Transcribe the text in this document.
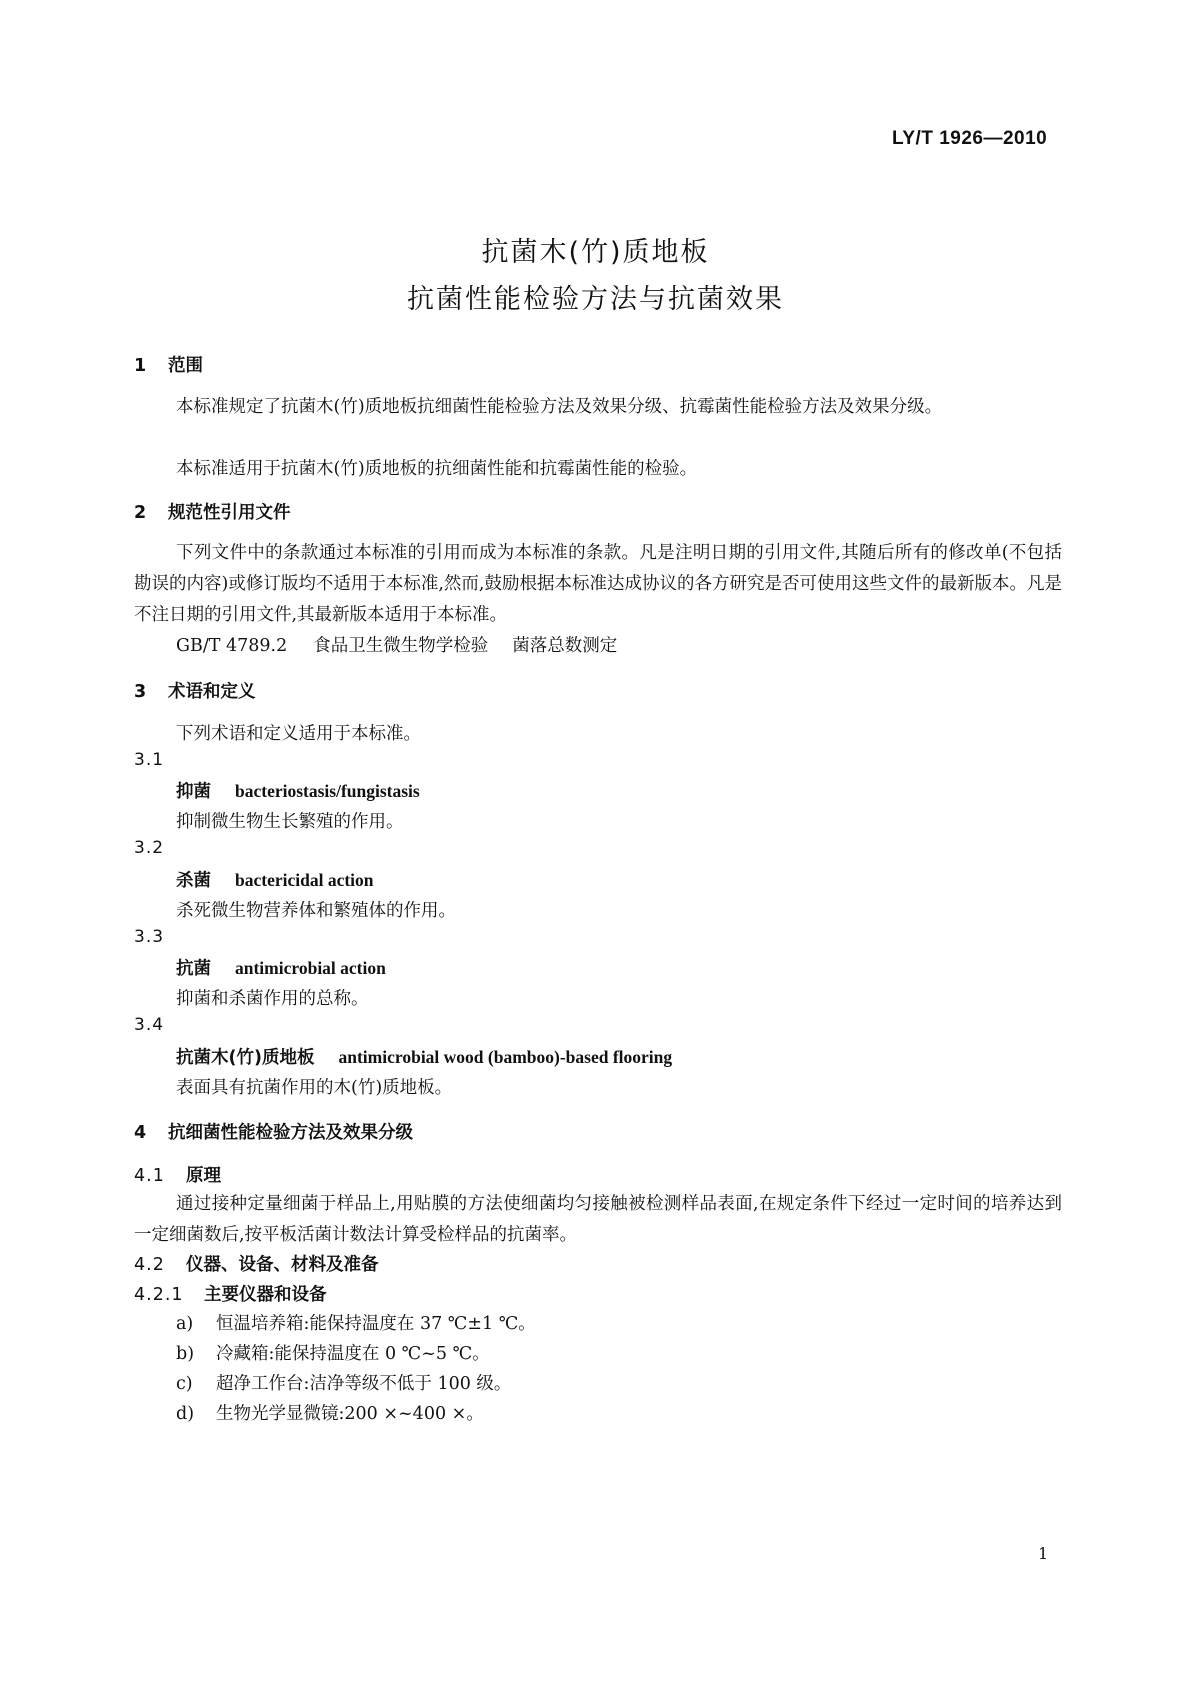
LY/T 1926—2010
抗菌木(竹)质地板
抗菌性能检验方法与抗菌效果
1 范围
本标准规定了抗菌木(竹)质地板抗细菌性能检验方法及效果分级、抗霉菌性能检验方法及效果分级。
本标准适用于抗菌木(竹)质地板的抗细菌性能和抗霉菌性能的检验。
2 规范性引用文件
下列文件中的条款通过本标准的引用而成为本标准的条款。凡是注明日期的引用文件,其随后所有的修改单(不包括勘误的内容)或修订版均不适用于本标准,然而,鼓励根据本标准达成协议的各方研究是否可使用这些文件的最新版本。凡是不注日期的引用文件,其最新版本适用于本标准。
GB/T 4789.2 食品卫生微生物学检验 菌落总数测定
3 术语和定义
下列术语和定义适用于本标准。
3.1
抑菌 bacteriostasis/fungistasis
抑制微生物生长繁殖的作用。
3.2
杀菌 bactericidal action
杀死微生物营养体和繁殖体的作用。
3.3
抗菌 antimicrobial action
抑菌和杀菌作用的总称。
3.4
抗菌木(竹)质地板 antimicrobial wood (bamboo)-based flooring
表面具有抗菌作用的木(竹)质地板。
4 抗细菌性能检验方法及效果分级
4.1 原理
通过接种定量细菌于样品上,用贴膜的方法使细菌均匀接触被检测样品表面,在规定条件下经过一定时间的培养达到一定细菌数后,按平板活菌计数法计算受检样品的抗菌率。
4.2 仪器、设备、材料及准备
4.2.1 主要仪器和设备
a) 恒温培养箱:能保持温度在 37 ℃±1 ℃。
b) 冷藏箱:能保持温度在 0 ℃~5 ℃。
c) 超净工作台:洁净等级不低于 100 级。
d) 生物光学显微镜:200 ×~400 ×。
1
